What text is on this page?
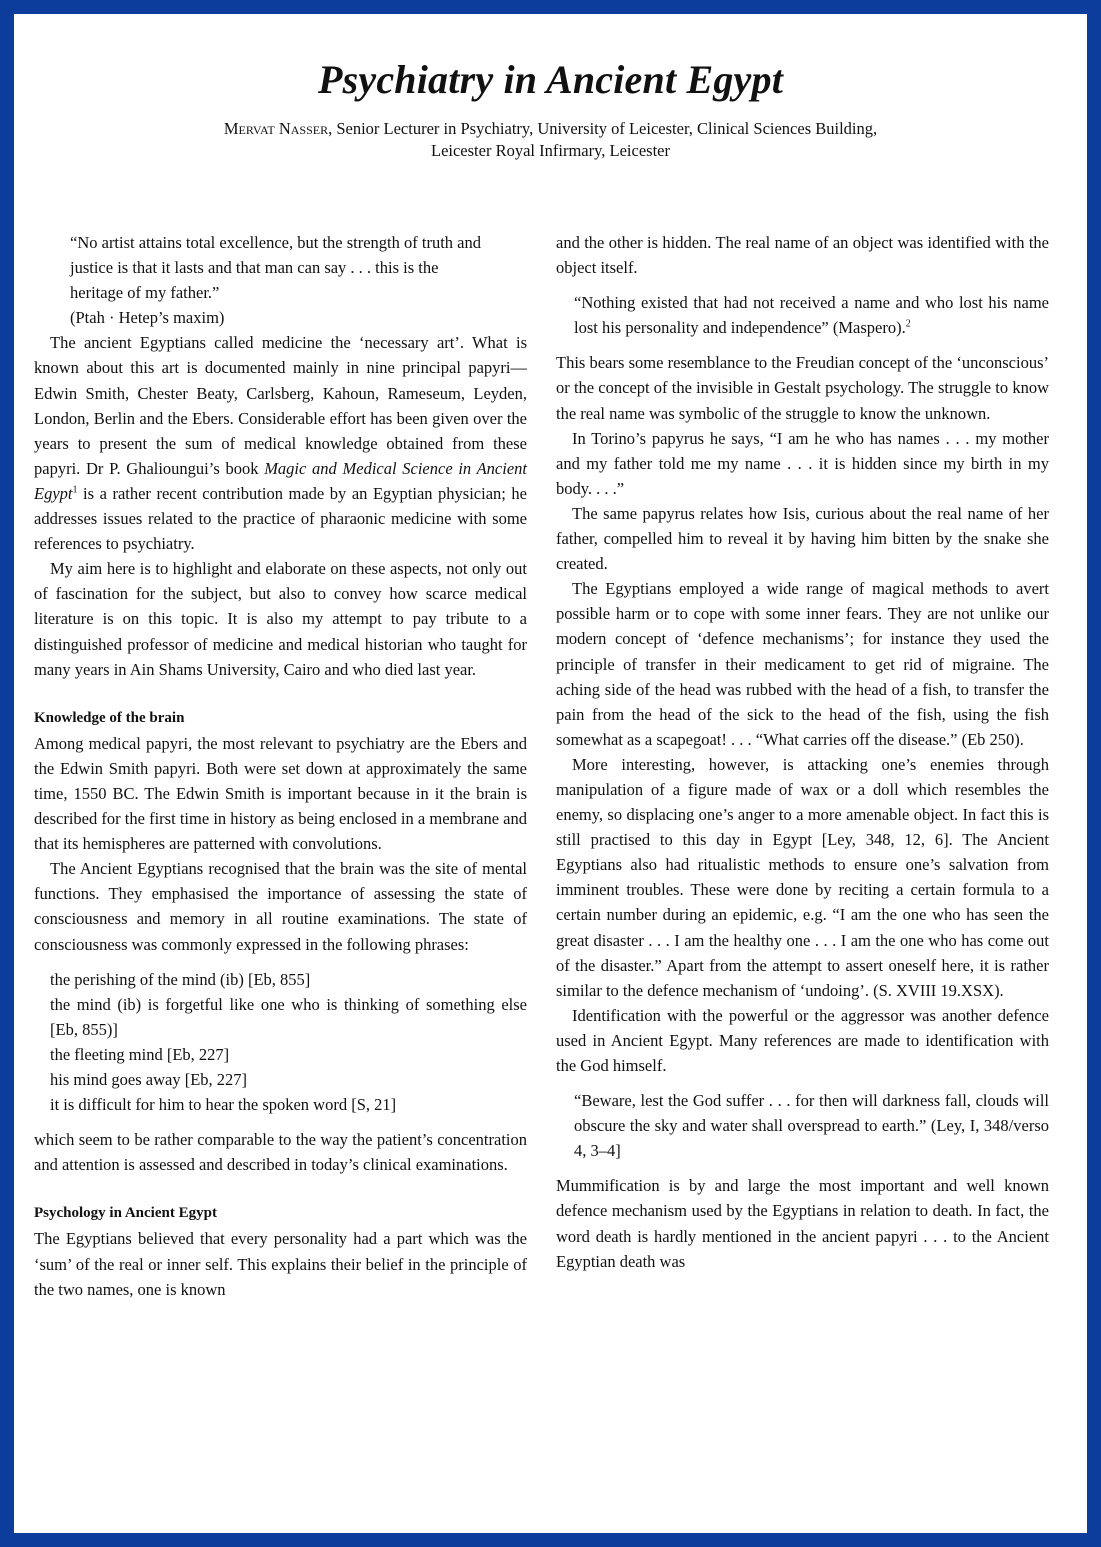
Psychiatry in Ancient Egypt

Mervat Nasser, Senior Lecturer in Psychiatry, University of Leicester, Clinical Sciences Building,
Leicester Royal Infirmary, Leicester

“No artist attains total excellence, but the strength of truth and justice is that it lasts and that man can say . . . this is the heritage of my father.”

(Ptah · Hetep’s maxim)

The ancient Egyptians called medicine the ‘necessary art’. What is known about this art is documented mainly in nine principal papyri—Edwin Smith, Chester Beaty, Carlsberg, Kahoun, Rameseum, Leyden, London, Berlin and the Ebers. Considerable effort has been given over the years to present the sum of medical knowledge obtained from these papyri. Dr P. Ghalioungui’s book Magic and Medical Science in Ancient Egypt$^1$ is a rather recent contribution made by an Egyptian physician; he addresses issues related to the practice of pharaonic medicine with some references to psychiatry.

My aim here is to highlight and elaborate on these aspects, not only out of fascination for the subject, but also to convey how scarce medical literature is on this topic. It is also my attempt to pay tribute to a distinguished professor of medicine and medical historian who taught for many years in Ain Shams University, Cairo and who died last year.

Knowledge of the brain

Among medical papyri, the most relevant to psychiatry are the Ebers and the Edwin Smith papyri. Both were set down at approximately the same time, 1550 BC. The Edwin Smith is important because in it the brain is described for the first time in history as being enclosed in a membrane and that its hemispheres are patterned with convolutions.

The Ancient Egyptians recognised that the brain was the site of mental functions. They emphasised the importance of assessing the state of consciousness and memory in all routine examinations. The state of consciousness was commonly expressed in the following phrases:

the perishing of the mind (ib) [Eb, 855]
the mind (ib) is forgetful like one who is thinking of something else [Eb, 855)]
the fleeting mind [Eb, 227]
his mind goes away [Eb, 227]
it is difficult for him to hear the spoken word [S, 21]

which seem to be rather comparable to the way the patient’s concentration and attention is assessed and described in today’s clinical examinations.

Psychology in Ancient Egypt

The Egyptians believed that every personality had a part which was the ‘sum’ of the real or inner self. This explains their belief in the principle of the two names, one is known

and the other is hidden. The real name of an object was identified with the object itself.

“Nothing existed that had not received a name and who lost his name lost his personality and independence” (Maspero).$^2$

This bears some resemblance to the Freudian concept of the ‘unconscious’ or the concept of the invisible in Gestalt psychology. The struggle to know the real name was symbolic of the struggle to know the unknown.

In Torino’s papyrus he says, “I am he who has names . . . my mother and my father told me my name . . . it is hidden since my birth in my body. . . .”

The same papyrus relates how Isis, curious about the real name of her father, compelled him to reveal it by having him bitten by the snake she created.

The Egyptians employed a wide range of magical methods to avert possible harm or to cope with some inner fears. They are not unlike our modern concept of ‘defence mechanisms’; for instance they used the principle of transfer in their medicament to get rid of migraine. The aching side of the head was rubbed with the head of a fish, to transfer the pain from the head of the sick to the head of the fish, using the fish somewhat as a scapegoat! . . . “What carries off the disease.” (Eb 250).

More interesting, however, is attacking one’s enemies through manipulation of a figure made of wax or a doll which resembles the enemy, so displacing one’s anger to a more amenable object. In fact this is still practised to this day in Egypt [Ley, 348, 12, 6]. The Ancient Egyptians also had ritualistic methods to ensure one’s salvation from imminent troubles. These were done by reciting a certain formula to a certain number during an epidemic, e.g. “I am the one who has seen the great disaster . . . I am the healthy one . . . I am the one who has come out of the disaster.” Apart from the attempt to assert oneself here, it is rather similar to the defence mechanism of ‘undoing’. (S. XVIII 19.XSX).

Identification with the powerful or the aggressor was another defence used in Ancient Egypt. Many references are made to identification with the God himself.

“Beware, lest the God suffer . . . for then will darkness fall, clouds will obscure the sky and water shall overspread to earth.” (Ley, I, 348/verso 4, 3–4]

Mummification is by and large the most important and well known defence mechanism used by the Egyptians in relation to death. In fact, the word death is hardly mentioned in the ancient papyri . . . to the Ancient Egyptian death was
